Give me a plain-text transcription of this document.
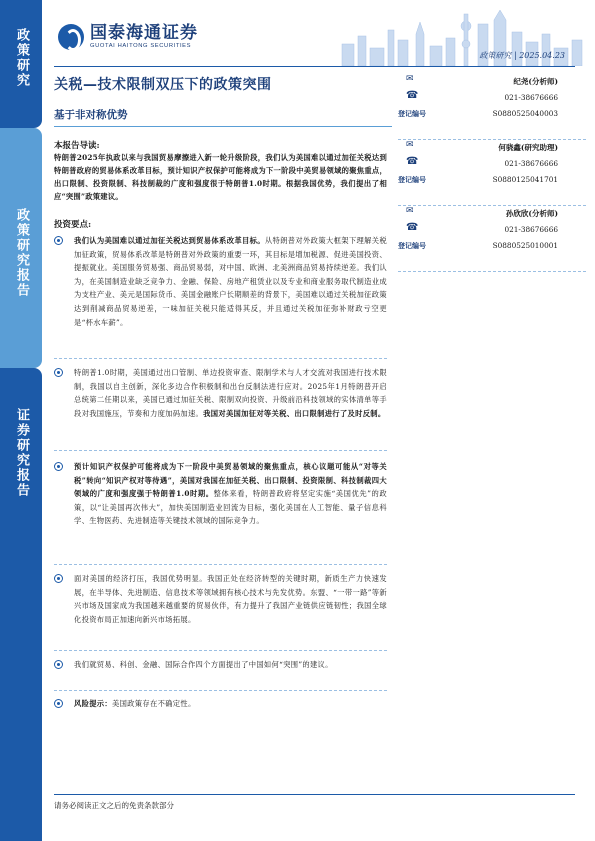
政策研究
政策研究报告
证券研究报告
国泰海通证券
GUOTAI HAITONG SECURITIES
政策研究 | 2025.04.23
关税—技术限制双压下的政策突围
基于非对称优势
✉	纪尧(分析师)
☎	021-38676666
登记编号	S0880525040003
✉	何骁鑫(研究助理)
☎	021-38676666
登记编号	S0880125041701
✉	孙欣欣(分析师)
☎	021-38676666
登记编号	S0880525010001
本报告导读:
特朗普2025年执政以来与我国贸易摩擦进入新一轮升级阶段，我们认为美国难以通过加征关税达到特朗普政府的贸易体系改革目标，预计知识产权保护可能将成为下一阶段中美贸易领域的聚焦重点，出口限制、投资限制、科技制裁的广度和强度很于特朗普1.0时期。根据我国优势，我们提出了相应“突围”政策建议。
投资要点:
我们认为美国难以通过加征关税达到贸易体系改革目标。从特朗普对外政策大框架下理解关税加征政策，贸易体系改革是特朗普对外政策的重要一环，其目标是增加税源、促进美国投资、提振就业。美国服务贸易强、商品贸易弱，对中国、欧洲、北美洲商品贸易持续逆差。我们认为，在美国制造业缺乏竞争力、金融、保险、房地产租赁业以及专业和商业服务取代制造业成为支柱产业、美元是国际货币、美国金融账户长期顺差的背景下，美国难以通过关税加征政策达到削减商品贸易逆差，一味加征关税只能适得其反，并且通过关税加征弥补财政亏空更是“杯水车薪”。
特朗普1.0时期，美国通过出口管制、单边投资审查、限制学术与人才交流对我国进行技术限制，我国以自主创新，深化多边合作积极制和出台反制法进行应对。2025年1月特朗普开启总统第二任期以来，美国已通过加征关税、限制双向投资、升级前沿科技领域的实体清单等手段对我国施压，节奏和力度加码加速。我国对美国加征对等关税、出口限制进行了及时反制。
预计知识产权保护可能将成为下一阶段中美贸易领域的聚焦重点，核心议题可能从“对等关税”转向“知识产权对等待遇”，美国对我国在加征关税、出口限制、投资限制、科技制裁四大领域的广度和强度强于特朗普1.0时期。整体来看，特朗普政府将坚定实施“美国优先”的政策，以“让美国再次伟大”，加快美国制造业回流为目标，强化美国在人工智能、量子信息科学、生物医药、先进制造等关键技术领域的国际竞争力。
面对美国的经济打压，我国优势明显。我国正处在经济转型的关键时期，新质生产力快速发展，在半导体、先进制造、信息技术等领域拥有核心技术与先发优势。东盟、“一带一路”等新兴市场及国家成为我国越来越重要的贸易伙伴，有力提升了我国产业链供应链韧性；我国全球化投资布局正加速向新兴市场拓展。
我们就贸易、科创、金融、国际合作四个方面提出了中国如何“突围”的建议。
风险提示：美国政策存在不确定性。
请务必阅读正文之后的免责条款部分
